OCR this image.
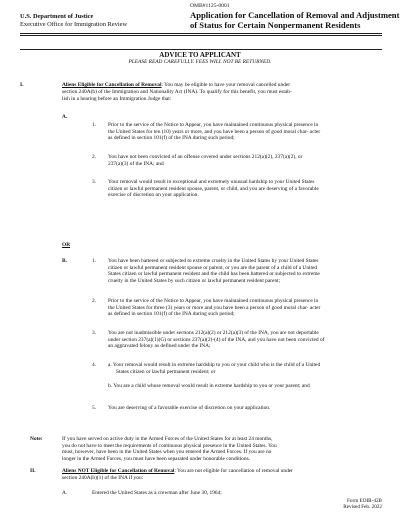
U.S. Department of Justice
Executive Office for Immigration Review
OMB#1125-0001
Application for Cancellation of Removal and Adjustment
of Status for Certain Nonpermanent Residents
ADVICE TO APPLICANT
PLEASE READ CAREFULLY. FEES WILL NOT BE RETURNED.
I.	Aliens Eligible for Cancellation of Removal: You may be eligible to have your removal cancelled under
section 240A(b) of the Immigration and Nationality Act (INA). To qualify for this benefit, you must estab-
lish in a hearing before an Immigration Judge that:
A.
1. Prior to the service of the Notice to Appear, you have maintained continuous physical presence in
the United States for ten (10) years or more, and you have been a person of good moral char- acter
as defined in section 101(f) of the INA during such period;
2. You have not been convicted of an offense covered under sections 212(a)(2), 237(a)(2), or
237(a)(3) of the INA; and
3. Your removal would result in exceptional and extremely unusual hardship to your United States
citizen or lawful permanent resident spouse, parent, or child, and you are deserving of a favorable
exercise of discretion on your application.
OR
B.	1. You have been battered or subjected to extreme cruelty in the United States by your United States
citizen or lawful permanent resident spouse or parent, or you are the parent of a child of a United
States citizen or lawful permanent resident and the child has been battered or subjected to extreme
cruelty in the United States by such citizen or lawful permanent resident parent;
2. Prior to the service of the Notice to Appear, you have maintained continuous physical presence in
the United States for three (3) years or more and you have been a person of good moral char- acter
as defined in section 101(f) of the INA during such period;
3. You are not inadmissible under sections 212(a)(2) or 212(a)(3) of the INA, you are not deportable
under section 237(a)(1)(G) or sections 237(a)(2)-(4) of the INA, and you have not been convicted of
an aggravated felony as defined under the INA;
4. a. Your removal would result in extreme hardship to you or your child who is the child of a United
States citizen or lawful permanent resident; or
b. You are a child whose removal would result in extreme hardship to you or your parent; and
5. You are deserving of a favorable exercise of discretion on your application.
Note:	If you have served on active duty in the Armed Forces of the United States for at least 24 months,
you do not have to meet the requirements of continuous physical presence in the United States. You
must, however, have been in the United States when you entered the Armed Forces. If you are no
longer in the Armed Forces, you must have been separated under honorable conditions.
II.	Aliens NOT Eligible for Cancellation of Removal: You are not eligible for cancellation of removal under
section 240A(b)(1) of the INA if you:
A.	Entered the United States as a crewman after June 30, 1964;
Form EOIR-42B
Revised Feb. 2022
